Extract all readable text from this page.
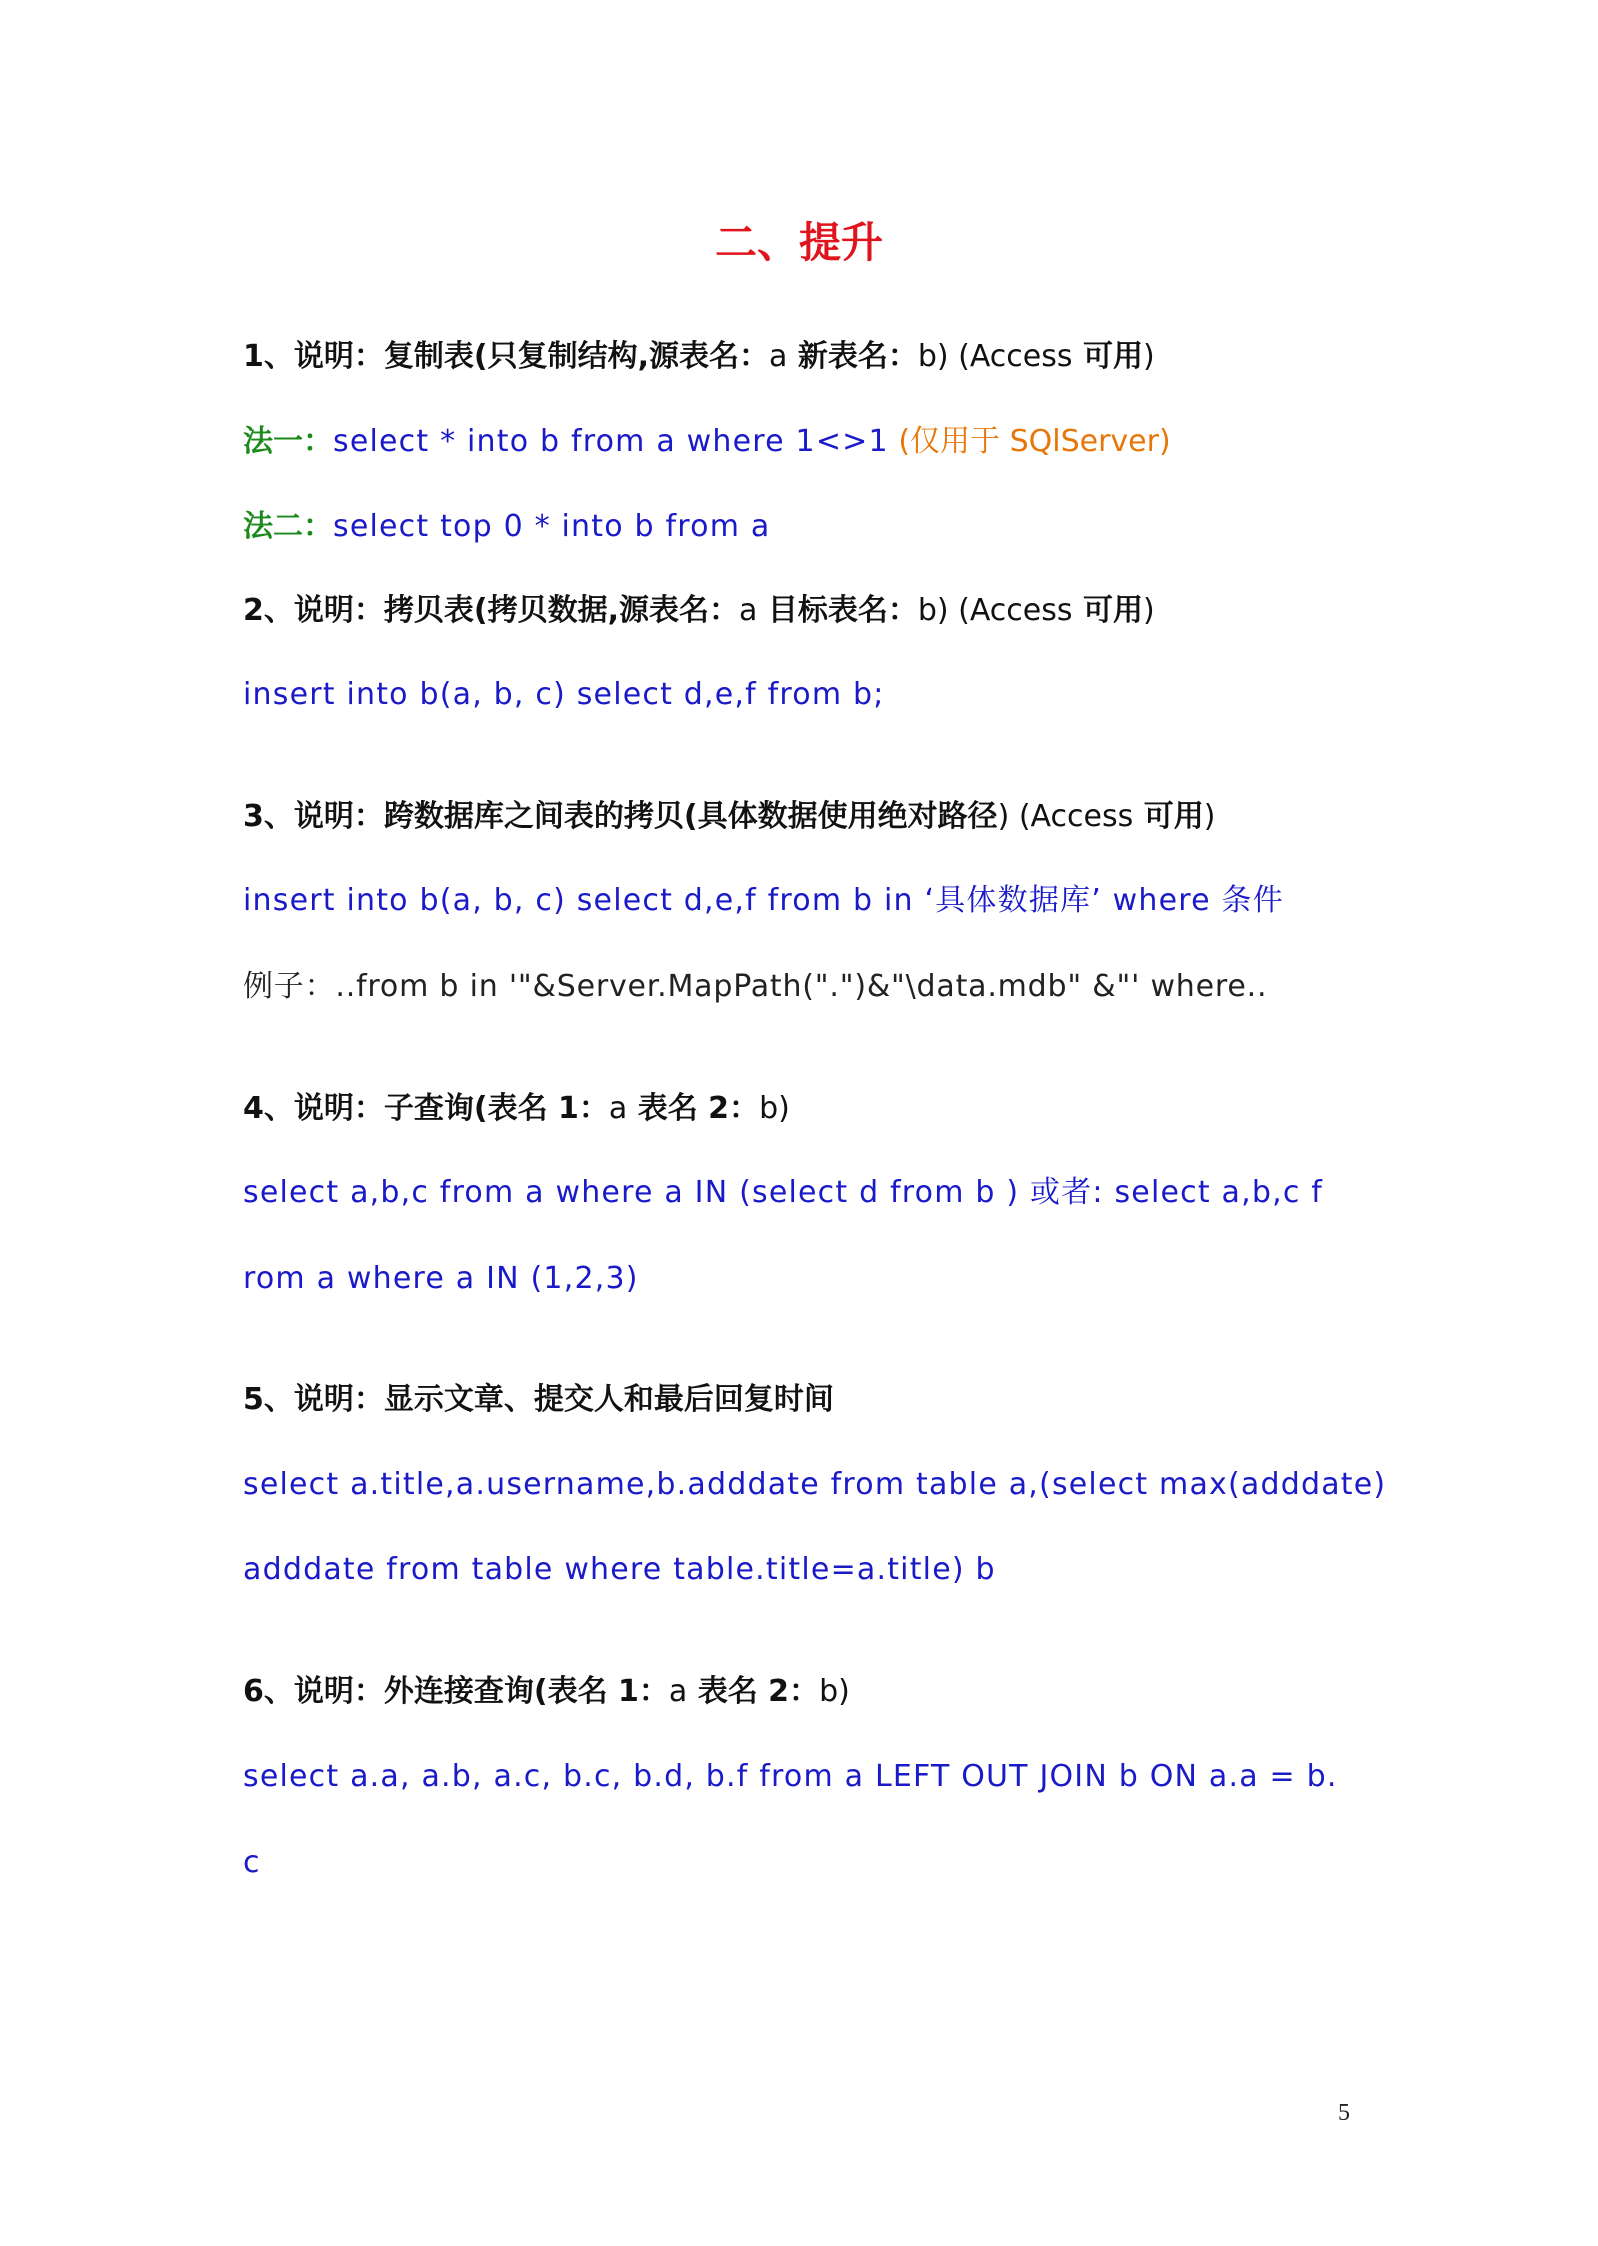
二、提升
1、说明：复制表(只复制结构,源表名：a 新表名：b) (Access 可用)
法一：select * into b from a where 1<>1 (仅用于 SQlServer)
法二：select top 0 * into b from a
2、说明：拷贝表(拷贝数据,源表名：a 目标表名：b) (Access 可用)
insert into b(a, b, c) select d,e,f from b;
3、说明：跨数据库之间表的拷贝(具体数据使用绝对路径) (Access 可用)
insert into b(a, b, c) select d,e,f from b in ‘具体数据库’ where 条件
例子：..from b in '"&Server.MapPath(".")&"\data.mdb" &"' where..
4、说明：子查询(表名 1：a 表名 2：b)
select a,b,c from a where a IN (select d from b ) 或者: select a,b,c f
rom a where a IN (1,2,3)
5、说明：显示文章、提交人和最后回复时间
select a.title,a.username,b.adddate from table a,(select max(adddate)
adddate from table where table.title=a.title) b
6、说明：外连接查询(表名 1：a 表名 2：b)
select a.a, a.b, a.c, b.c, b.d, b.f from a LEFT OUT JOIN b ON a.a = b.
c
5
